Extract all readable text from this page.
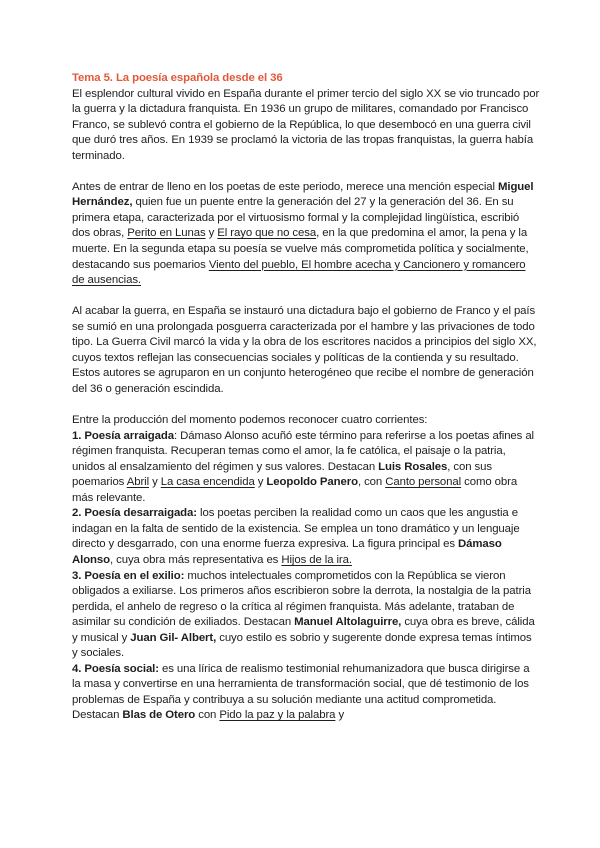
Tema 5. La poesía española desde el 36

El esplendor cultural vivido en España durante el primer tercio del siglo XX se vio truncado por la guerra y la dictadura franquista. En 1936 un grupo de militares, comandado por Francisco Franco, se sublevó contra el gobierno de la República, lo que desembocó en una guerra civil que duró tres años. En 1939 se proclamó la victoria de las tropas franquistas, la guerra había terminado.

Antes de entrar de lleno en los poetas de este periodo, merece una mención especial Miguel Hernández, quien fue un puente entre la generación del 27 y la generación del 36. En su primera etapa, caracterizada por el virtuosismo formal y la complejidad lingüística, escribió dos obras, Perito en Lunas y El rayo que no cesa, en la que predomina el amor, la pena y la muerte. En la segunda etapa su poesía se vuelve más comprometida política y socialmente, destacando sus poemarios Viento del pueblo, El hombre acecha y Cancionero y romancero de ausencias.

Al acabar la guerra, en España se instauró una dictadura bajo el gobierno de Franco y el país se sumió en una prolongada posguerra caracterizada por el hambre y las privaciones de todo tipo. La Guerra Civil marcó la vida y la obra de los escritores nacidos a principios del siglo XX, cuyos textos reflejan las consecuencias sociales y políticas de la contienda y su resultado. Estos autores se agruparon en un conjunto heterogéneo que recibe el nombre de generación del 36 o generación escindida.

Entre la producción del momento podemos reconocer cuatro corrientes:

1. Poesía arraigada: Dámaso Alonso acuñó este término para referirse a los poetas afines al régimen franquista. Recuperan temas como el amor, la fe católica, el paisaje o la patria, unidos al ensalzamiento del régimen y sus valores. Destacan Luis Rosales, con sus poemarios Abril y La casa encendida y Leopoldo Panero, con Canto personal como obra más relevante.

2. Poesía desarraigada: los poetas perciben la realidad como un caos que les angustia e indagan en la falta de sentido de la existencia. Se emplea un tono dramático y un lenguaje directo y desgarrado, con una enorme fuerza expresiva. La figura principal es Dámaso Alonso, cuya obra más representativa es Hijos de la ira.

3. Poesía en el exilio: muchos intelectuales comprometidos con la República se vieron obligados a exiliarse. Los primeros años escribieron sobre la derrota, la nostalgia de la patria perdida, el anhelo de regreso o la crítica al régimen franquista. Más adelante, trataban de asimilar su condición de exiliados. Destacan Manuel Altolaguirre, cuya obra es breve, cálida y musical y Juan Gil- Albert, cuyo estilo es sobrio y sugerente donde expresa temas íntimos y sociales.

4. Poesía social: es una lírica de realismo testimonial rehumanizadora que busca dirigirse a la masa y convertirse en una herramienta de transformación social, que dé testimonio de los problemas de España y contribuya a su solución mediante una actitud comprometida. Destacan Blas de Otero con Pido la paz y la palabra y
